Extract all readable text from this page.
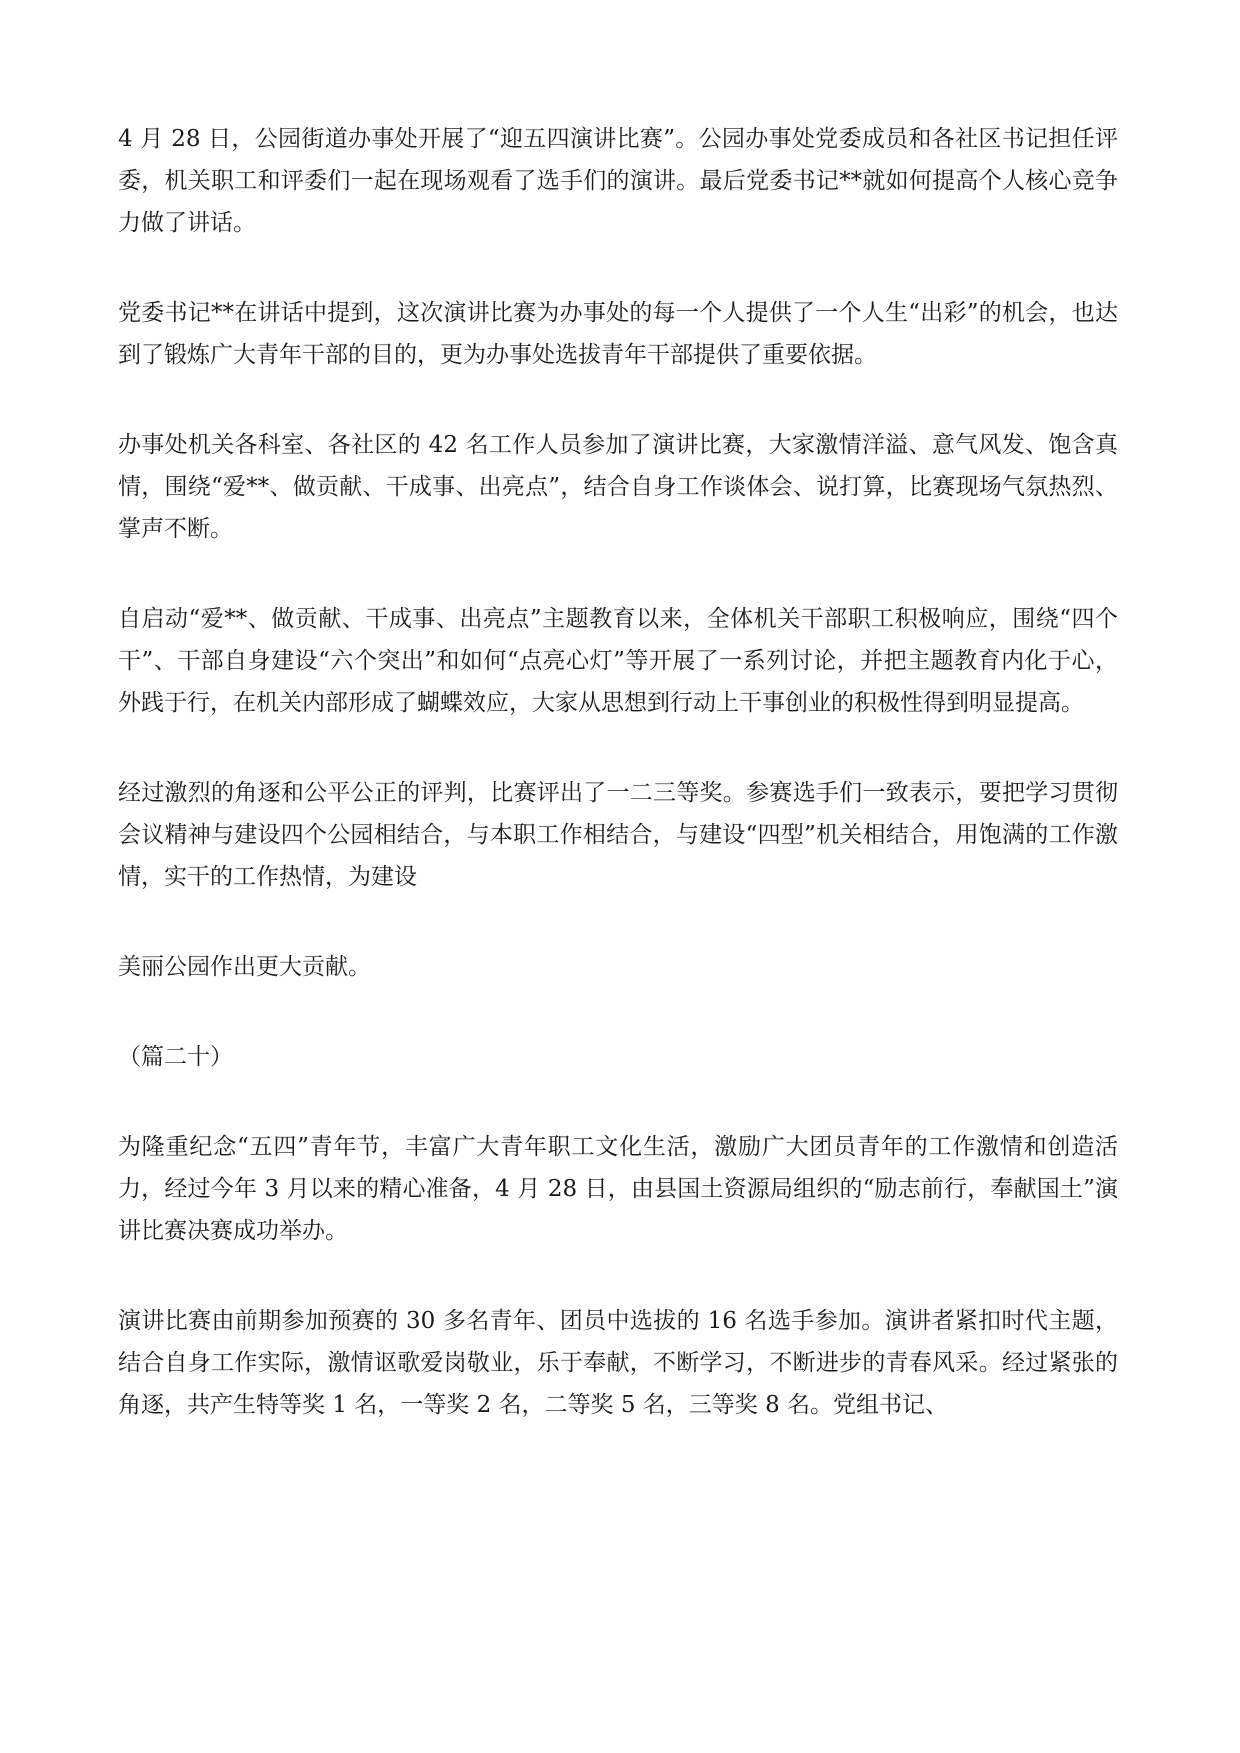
4 月 28 日，公园街道办事处开展了“迎五四演讲比赛”。公园办事处党委成员和各社区书记担任评委，机关职工和评委们一起在现场观看了选手们的演讲。最后党委书记**就如何提高个人核心竞争力做了讲话。

党委书记**在讲话中提到，这次演讲比赛为办事处的每一个人提供了一个人生“出彩”的机会，也达到了锻炼广大青年干部的目的，更为办事处选拔青年干部提供了重要依据。

办事处机关各科室、各社区的 42 名工作人员参加了演讲比赛，大家激情洋溢、意气风发、饱含真情，围绕“爱**、做贡献、干成事、出亮点”，结合自身工作谈体会、说打算，比赛现场气氛热烈、掌声不断。

自启动“爱**、做贡献、干成事、出亮点”主题教育以来，全体机关干部职工积极响应，围绕“四个干”、干部自身建设“六个突出”和如何“点亮心灯”等开展了一系列讨论，并把主题教育内化于心，外践于行，在机关内部形成了蝴蝶效应，大家从思想到行动上干事创业的积极性得到明显提高。

经过激烈的角逐和公平公正的评判，比赛评出了一二三等奖。参赛选手们一致表示，要把学习贯彻会议精神与建设四个公园相结合，与本职工作相结合，与建设“四型”机关相结合，用饱满的工作激情，实干的工作热情，为建设

美丽公园作出更大贡献。

（篇二十）

为隆重纪念“五四”青年节，丰富广大青年职工文化生活，激励广大团员青年的工作激情和创造活力，经过今年 3 月以来的精心准备，4 月 28 日，由县国土资源局组织的“励志前行，奉献国土”演讲比赛决赛成功举办。

演讲比赛由前期参加预赛的 30 多名青年、团员中选拔的 16 名选手参加。演讲者紧扣时代主题，结合自身工作实际，激情讴歌爱岗敬业，乐于奉献，不断学习，不断进步的青春风采。经过紧张的角逐，共产生特等奖 1 名，一等奖 2 名，二等奖 5 名，三等奖 8 名。党组书记、
